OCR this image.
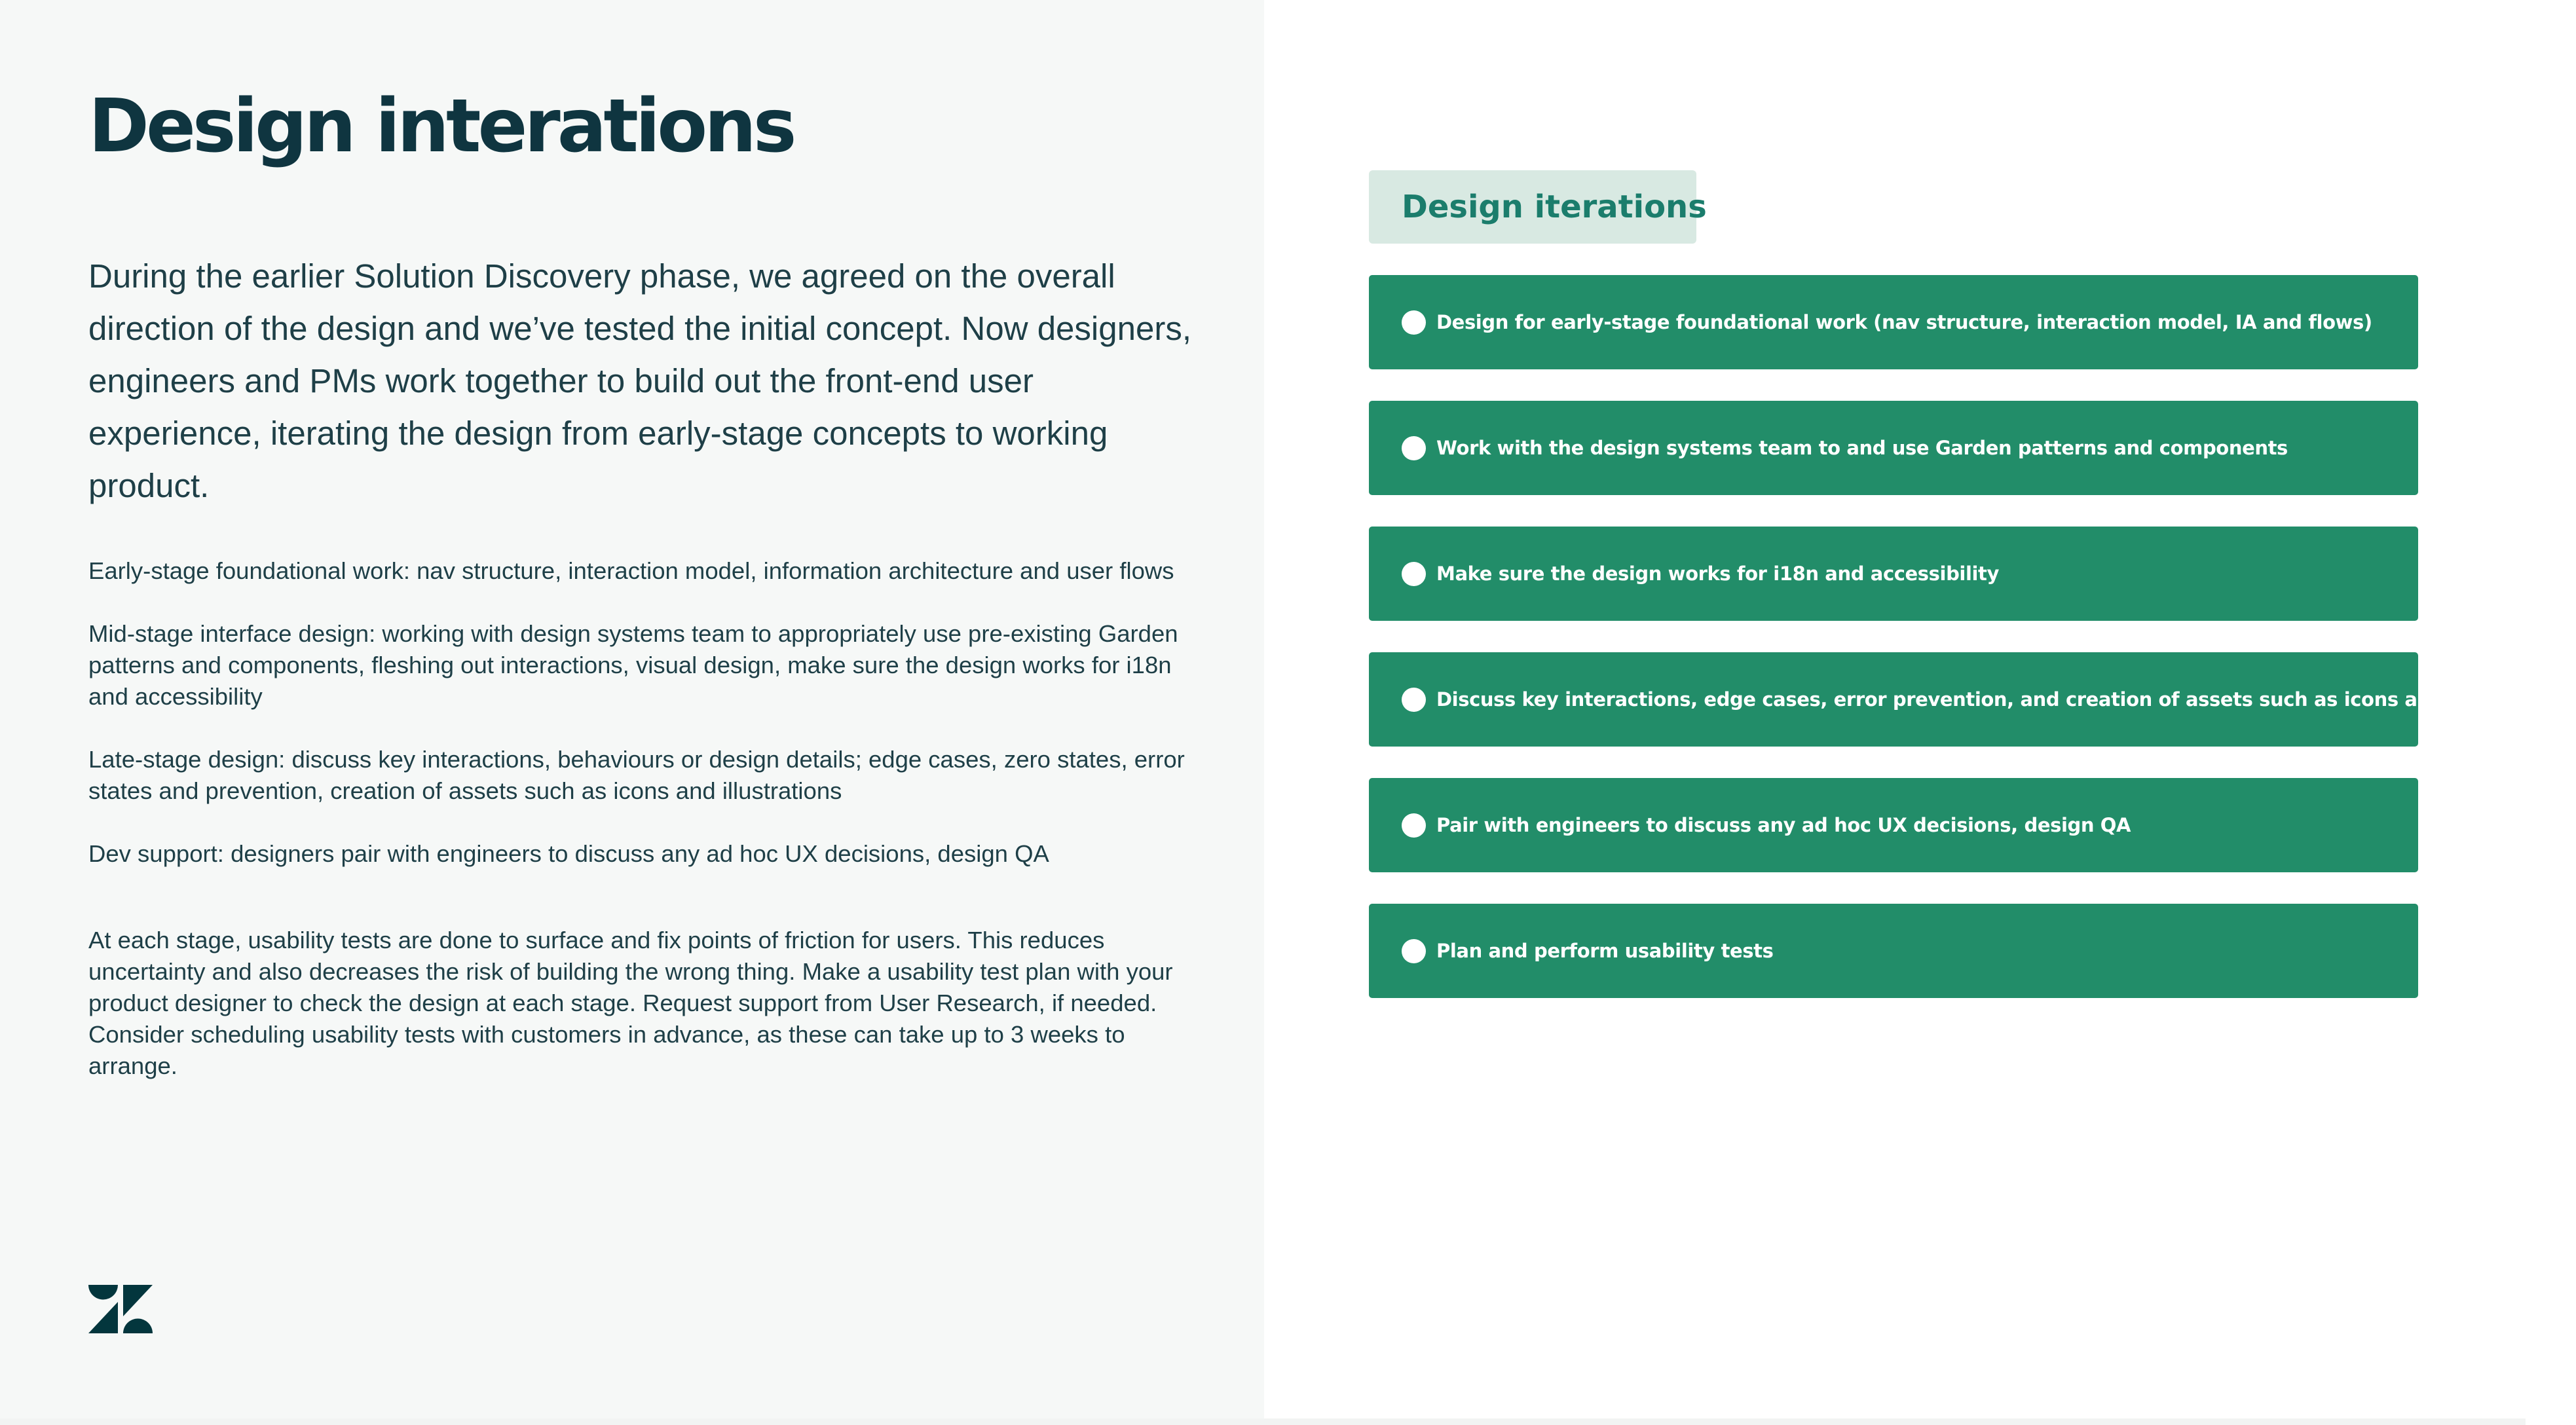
Design interations

During the earlier Solution Discovery phase, we agreed on the overall direction of the design and we’ve tested the initial concept. Now designers, engineers and PMs work together to build out the front-end user experience, iterating the design from early-stage concepts to working product.

Early-stage foundational work: nav structure, interaction model, information architecture and user flows
Mid-stage interface design: working with design systems team to appropriately use pre-existing Garden patterns and components, fleshing out interactions, visual design, make sure the design works for i18n and accessibility
Late-stage design: discuss key interactions, behaviours or design details; edge cases, zero states, error states and prevention, creation of assets such as icons and illustrations
Dev support: designers pair with engineers to discuss any ad hoc UX decisions, design QA

At each stage, usability tests are done to surface and fix points of friction for users. This reduces uncertainty and also decreases the risk of building the wrong thing. Make a usability test plan with your product designer to check the design at each stage. Request support from User Research, if needed. Consider scheduling usability tests with customers in advance, as these can take up to 3 weeks to arrange.

Design iterations
Design for early-stage foundational work (nav structure, interaction model, IA and flows)
Work with the design systems team to and use Garden patterns and components
Make sure the design works for i18n and accessibility
Discuss key interactions, edge cases, error prevention, and creation of assets such as icons and illustrations
Pair with engineers to discuss any ad hoc UX decisions, design QA
Plan and perform usability tests
